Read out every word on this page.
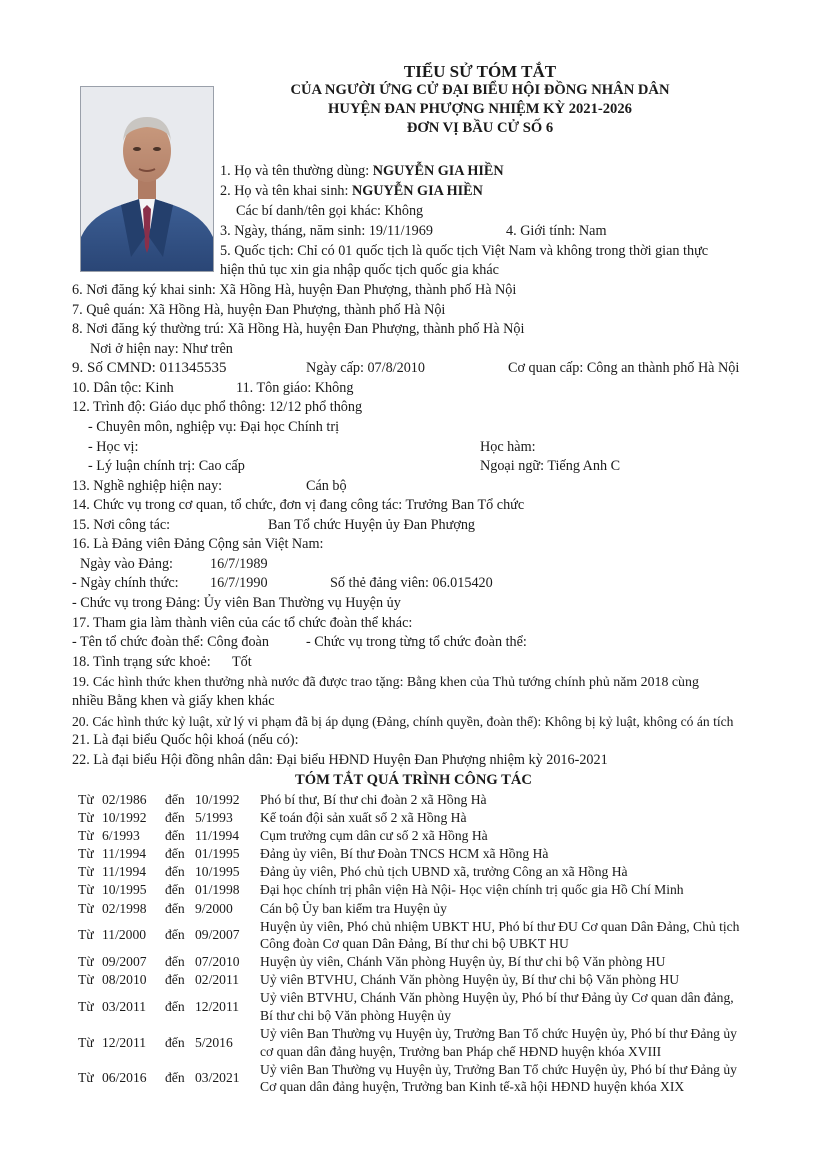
TIỂU SỬ TÓM TẮT
CỦA NGƯỜI ỨNG CỬ ĐẠI BIỂU HỘI ĐỒNG NHÂN DÂN
HUYỆN ĐAN PHƯỢNG NHIỆM KỲ 2021-2026
ĐƠN VỊ BẦU CỬ SỐ 6
1. Họ và tên thường dùng: NGUYỄN GIA HIỀN
2. Họ và tên khai sinh: NGUYỄN GIA HIỀN
Các bí danh/tên gọi khác: Không
3. Ngày, tháng, năm sinh: 19/11/1969	4. Giới tính: Nam
5. Quốc tịch: Chỉ có 01 quốc tịch là quốc tịch Việt Nam và không trong thời gian thực
hiện thủ tục xin gia nhập quốc tịch quốc gia khác
6. Nơi đăng ký khai sinh: Xã Hồng Hà, huyện Đan Phượng, thành phố Hà Nội
7. Quê quán: Xã Hồng Hà, huyện Đan Phượng, thành phố Hà Nội
8. Nơi đăng ký thường trú: Xã Hồng Hà, huyện Đan Phượng, thành phố Hà Nội
Nơi ở hiện nay: Như trên
9. Số CMND: 011345535	Ngày cấp: 07/8/2010	Cơ quan cấp: Công an thành phố Hà Nội
10. Dân tộc: Kinh	11. Tôn giáo: Không
12. Trình độ: Giáo dục phổ thông: 12/12 phổ thông
- Chuyên môn, nghiệp vụ: Đại học Chính trị
- Học vị:	Học hàm:
- Lý luận chính trị: Cao cấp	Ngoại ngữ: Tiếng Anh C
13. Nghề nghiệp hiện nay:	Cán bộ
14. Chức vụ trong cơ quan, tổ chức, đơn vị đang công tác: Trưởng Ban Tổ chức
15. Nơi công tác:	Ban Tổ chức Huyện ủy Đan Phượng
16. Là Đảng viên Đảng Cộng sản Việt Nam:
Ngày vào Đảng:	16/7/1989
- Ngày chính thức: 16/7/1990	Số thẻ đảng viên: 06.015420
- Chức vụ trong Đảng: Ủy viên Ban Thường vụ Huyện ủy
17. Tham gia làm thành viên của các tổ chức đoàn thể khác:
- Tên tổ chức đoàn thể: Công đoàn	- Chức vụ trong từng tổ chức đoàn thể:
18. Tình trạng sức khoẻ: Tốt
19. Các hình thức khen thưởng nhà nước đã được trao tặng: Bằng khen của Thủ tướng chính phủ năm 2018 cùng
nhiều Bằng khen và giấy khen khác
20. Các hình thức kỷ luật, xử lý vi phạm đã bị áp dụng (Đảng, chính quyền, đoàn thể): Không bị kỷ luật, không có án tích
21. Là đại biểu Quốc hội khoá (nếu có):
22. Là đại biểu Hội đồng nhân dân: Đại biểu HĐND Huyện Đan Phượng nhiệm kỳ 2016-2021
TÓM TẮT QUÁ TRÌNH CÔNG TÁC
Từ 02/1986	đến 10/1992 Phó bí thư, Bí thư chi đoàn 2 xã Hồng Hà
Từ 10/1992	đến 5/1993 Kế toán đội sản xuất số 2 xã Hồng Hà
Từ 6/1993	đến 11/1994 Cụm trưởng cụm dân cư số 2 xã Hồng Hà
Từ 11/1994	đến 01/1995 Đảng ủy viên, Bí thư Đoàn TNCS HCM xã Hồng Hà
Từ 11/1994	đến 10/1995 Đảng ủy viên, Phó chủ tịch UBND xã, trưởng Công an xã Hồng Hà
Từ 10/1995	đến 01/1998 Đại học chính trị phân viện Hà Nội- Học viện chính trị quốc gia Hồ Chí Minh
Từ 02/1998	đến 9/2000 Cán bộ Ủy ban kiểm tra Huyện ủy
Từ 11/2000	đến 09/2007
Huyện ủy viên, Phó chủ nhiệm UBKT HU, Phó bí thư ĐU Cơ quan Dân Đảng, Chủ tịch
Công đoàn Cơ quan Dân Đảng, Bí thư chi bộ UBKT HU
Từ 09/2007	đến 07/2010 Huyện ủy viên, Chánh Văn phòng Huyện ủy, Bí thư chi bộ Văn phòng HU
Từ 08/2010	đến 02/2011 Uỷ viên BTVHU, Chánh Văn phòng Huyện ủy, Bí thư chi bộ Văn phòng HU
Từ 03/2011	đến 12/2011
Uỷ viên BTVHU, Chánh Văn phòng Huyện ủy, Phó bí thư Đảng ủy Cơ quan dân đảng,
Bí thư chi bộ Văn phòng Huyện ủy
Từ 12/2011	đến 5/2016
Uỷ viên Ban Thường vụ Huyện ủy, Trưởng Ban Tổ chức Huyện ủy, Phó bí thư Đảng ủy
cơ quan dân đảng huyện, Trưởng ban Pháp chế HĐND huyện khóa XVIII
Từ 06/2016	đến 03/2021
Uỷ viên Ban Thường vụ Huyện ủy, Trưởng Ban Tổ chức Huyện ủy, Phó bí thư Đảng ủy
Cơ quan dân đảng huyện, Trưởng ban Kinh tế-xã hội HĐND huyện khóa XIX
